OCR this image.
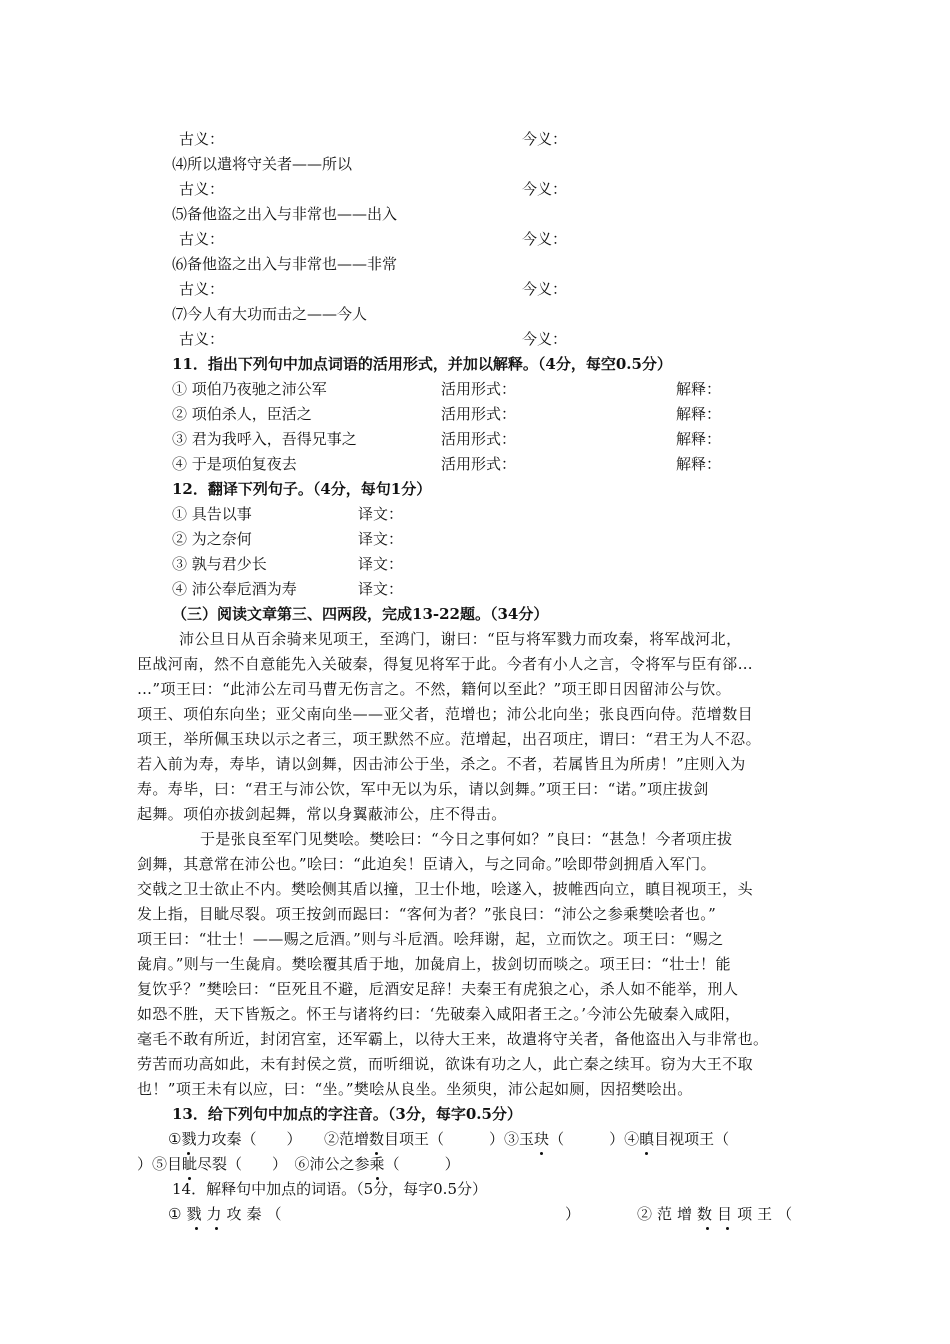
古义：	今义：
⑷所以遣将守关者——所以
古义：	今义：
⑸备他盗之出入与非常也——出入
古义：	今义：
⑹备他盗之出入与非常也——非常
古义：	今义：
⑺今人有大功而击之——今人
古义：	今义：
11．指出下列句中加点词语的活用形式，并加以解释。（4分，每空0.5分）
① 项伯乃夜驰之沛公军	活用形式：	解释：
② 项伯杀人，臣活之	活用形式：	解释：
③ 君为我呼入，吾得兄事之	活用形式：	解释：
④ 于是项伯复夜去	活用形式：	解释：
12．翻译下列句子。（4分，每句1分）
① 具告以事	译文：
② 为之奈何	译文：
③ 孰与君少长	译文：
④ 沛公奉卮酒为寿	译文：
（三）阅读文章第三、四两段，完成13-22题。（34分）
沛公旦日从百余骑来见项王，至鸿门，谢曰：“臣与将军戮力而攻秦，将军战河北，
臣战河南，然不自意能先入关破秦，得复见将军于此。今者有小人之言，令将军与臣有郤…
…”项王曰：“此沛公左司马曹无伤言之。不然，籍何以至此？”项王即日因留沛公与饮。
项王、项伯东向坐；亚父南向坐——亚父者，范增也；沛公北向坐；张良西向侍。范增数目
项王，举所佩玉玦以示之者三，项王默然不应。范增起，出召项庄，谓曰：“君王为人不忍。
若入前为寿，寿毕，请以剑舞，因击沛公于坐，杀之。不者，若属皆且为所虏！”庄则入为
寿。寿毕，曰：“君王与沛公饮，军中无以为乐，请以剑舞。”项王曰：“诺。”项庄拔剑
起舞。项伯亦拔剑起舞，常以身翼蔽沛公，庄不得击。
于是张良至军门见樊哙。樊哙曰：“今日之事何如？”良曰：“甚急！今者项庄拔
剑舞，其意常在沛公也。”哙曰：“此迫矣！臣请入，与之同命。”哙即带剑拥盾入军门。
交戟之卫士欲止不内。樊哙侧其盾以撞，卫士仆地，哙遂入，披帷西向立，瞋目视项王，头
发上指，目眦尽裂。项王按剑而跽曰：“客何为者？”张良曰：“沛公之参乘樊哙者也。”
项王曰：“壮士！——赐之卮酒。”则与斗卮酒。哙拜谢，起，立而饮之。项王曰：“赐之
彘肩。”则与一生彘肩。樊哙覆其盾于地，加彘肩上，拔剑切而啖之。项王曰：“壮士！能
复饮乎？”樊哙曰：“臣死且不避，卮酒安足辞！夫秦王有虎狼之心，杀人如不能举，刑人
如恐不胜，天下皆叛之。怀王与诸将约曰：‘先破秦入咸阳者王之。’今沛公先破秦入咸阳，
毫毛不敢有所近，封闭宫室，还军霸上，以待大王来，故遣将守关者，备他盗出入与非常也。
劳苦而功高如此，未有封侯之赏，而听细说，欲诛有功之人，此亡秦之续耳。窃为大王不取
也！”项王未有以应，曰：“坐。”樊哙从良坐。坐须臾，沛公起如厕，因招樊哙出。
13．给下列句中加点的字注音。（3分，每字0.5分）
①戮力攻秦（　　）　　 ②范增数目项王（　　　）③玉玦（　　　）④瞋目视项王（
）⑤目眦尽裂（　　）　⑥沛公之参乘（　　　）
14．解释句中加点的词语。（5分，每字0.5分）
①戮力攻秦（	）	②范增数目项王（
